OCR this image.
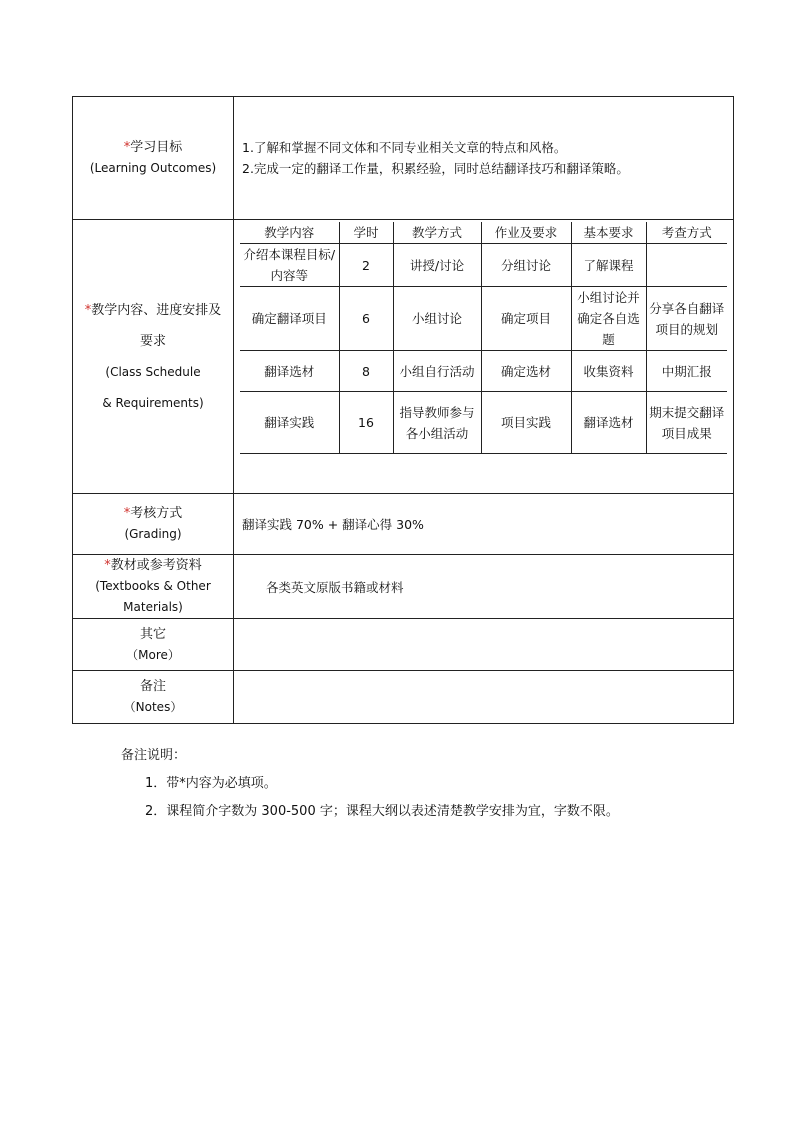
*学习目标
(Learning Outcomes)

1.了解和掌握不同文体和不同专业相关文章的特点和风格。
2.完成一定的翻译工作量，积累经验，同时总结翻译技巧和翻译策略。

*教学内容、进度安排及
要求
(Class Schedule
& Requirements)

教学内容	学时	教学方式	作业及要求	基本要求	考查方式
介绍本课程目标/内容等	2	讲授/讨论	分组讨论	了解课程	
确定翻译项目	6	小组讨论	确定项目	小组讨论并确定各自选题	分享各自翻译项目的规划
翻译选材	8	小组自行活动	确定选材	收集资料	中期汇报
翻译实践	16	指导教师参与各小组活动	项目实践	翻译选材	期末提交翻译项目成果

*考核方式
(Grading)
	翻译实践 70% + 翻译心得 30%

*教材或参考资料
(Textbooks & Other
Materials)
	各类英文原版书籍或材料

其它
（More）

备注
（Notes）

备注说明：
1．带*内容为必填项。
2．课程简介字数为 300-500 字；课程大纲以表述清楚教学安排为宜，字数不限。
